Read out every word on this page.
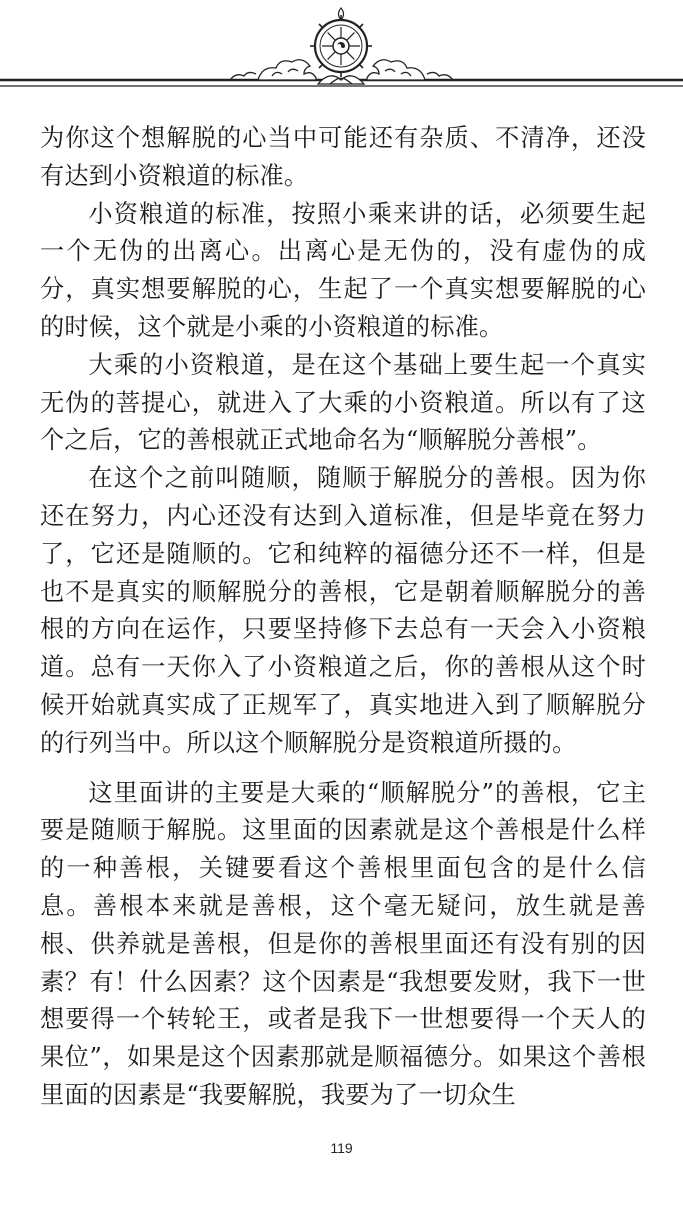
为你这个想解脱的心当中可能还有杂质、不清净，还没有达到小资粮道的标准。

小资粮道的标准，按照小乘来讲的话，必须要生起一个无伪的出离心。出离心是无伪的，没有虚伪的成分，真实想要解脱的心，生起了一个真实想要解脱的心的时候，这个就是小乘的小资粮道的标准。

大乘的小资粮道，是在这个基础上要生起一个真实无伪的菩提心，就进入了大乘的小资粮道。所以有了这个之后，它的善根就正式地命名为“顺解脱分善根”。

在这个之前叫随顺，随顺于解脱分的善根。因为你还在努力，内心还没有达到入道标准，但是毕竟在努力了，它还是随顺的。它和纯粹的福德分还不一样，但是也不是真实的顺解脱分的善根，它是朝着顺解脱分的善根的方向在运作，只要坚持修下去总有一天会入小资粮道。总有一天你入了小资粮道之后，你的善根从这个时候开始就真实成了正规军了，真实地进入到了顺解脱分的行列当中。所以这个顺解脱分是资粮道所摄的。

这里面讲的主要是大乘的“顺解脱分”的善根，它主要是随顺于解脱。这里面的因素就是这个善根是什么样的一种善根，关键要看这个善根里面包含的是什么信息。善根本来就是善根，这个毫无疑问，放生就是善根、供养就是善根，但是你的善根里面还有没有别的因素？有！什么因素？这个因素是“我想要发财，我下一世想要得一个转轮王，或者是我下一世想要得一个天人的果位”，如果是这个因素那就是顺福德分。如果这个善根里面的因素是“我要解脱，我要为了一切众生

119
